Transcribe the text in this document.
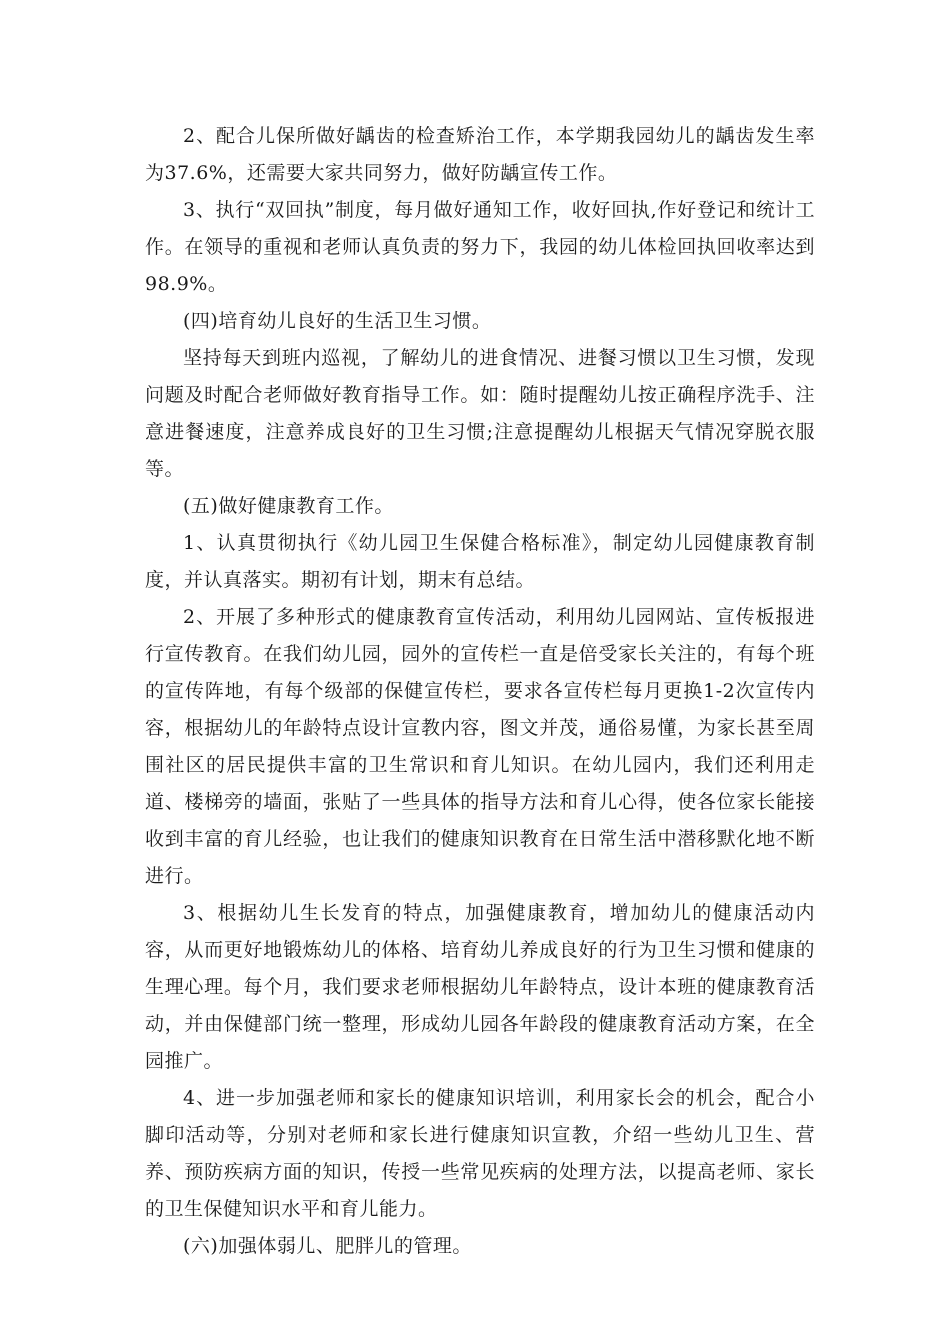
2、配合儿保所做好龋齿的检查矫治工作，本学期我园幼儿的龋齿发生率为37.6%，还需要大家共同努力，做好防龋宣传工作。

3、执行“双回执”制度，每月做好通知工作，收好回执,作好登记和统计工作。在领导的重视和老师认真负责的努力下，我园的幼儿体检回执回收率达到 98.9%。

(四)培育幼儿良好的生活卫生习惯。

坚持每天到班内巡视，了解幼儿的进食情况、进餐习惯以卫生习惯，发现问题及时配合老师做好教育指导工作。如：随时提醒幼儿按正确程序洗手、注意进餐速度，注意养成良好的卫生习惯;注意提醒幼儿根据天气情况穿脱衣服等。

(五)做好健康教育工作。

1、认真贯彻执行《幼儿园卫生保健合格标准》，制定幼儿园健康教育制度，并认真落实。期初有计划，期末有总结。

2、开展了多种形式的健康教育宣传活动，利用幼儿园网站、宣传板报进行宣传教育。在我们幼儿园，园外的宣传栏一直是倍受家长关注的，有每个班的宣传阵地，有每个级部的保健宣传栏，要求各宣传栏每月更换1-2次宣传内容，根据幼儿的年龄特点设计宣教内容，图文并茂，通俗易懂，为家长甚至周围社区的居民提供丰富的卫生常识和育儿知识。在幼儿园内，我们还利用走道、楼梯旁的墙面，张贴了一些具体的指导方法和育儿心得，使各位家长能接收到丰富的育儿经验，也让我们的健康知识教育在日常生活中潜移默化地不断进行。

3、根据幼儿生长发育的特点，加强健康教育，增加幼儿的健康活动内容，从而更好地锻炼幼儿的体格、培育幼儿养成良好的行为卫生习惯和健康的生理心理。每个月，我们要求老师根据幼儿年龄特点，设计本班的健康教育活动，并由保健部门统一整理，形成幼儿园各年龄段的健康教育活动方案，在全园推广。

4、进一步加强老师和家长的健康知识培训，利用家长会的机会，配合小脚印活动等，分别对老师和家长进行健康知识宣教，介绍一些幼儿卫生、营养、预防疾病方面的知识，传授一些常见疾病的处理方法，以提高老师、家长的卫生保健知识水平和育儿能力。

(六)加强体弱儿、肥胖儿的管理。
